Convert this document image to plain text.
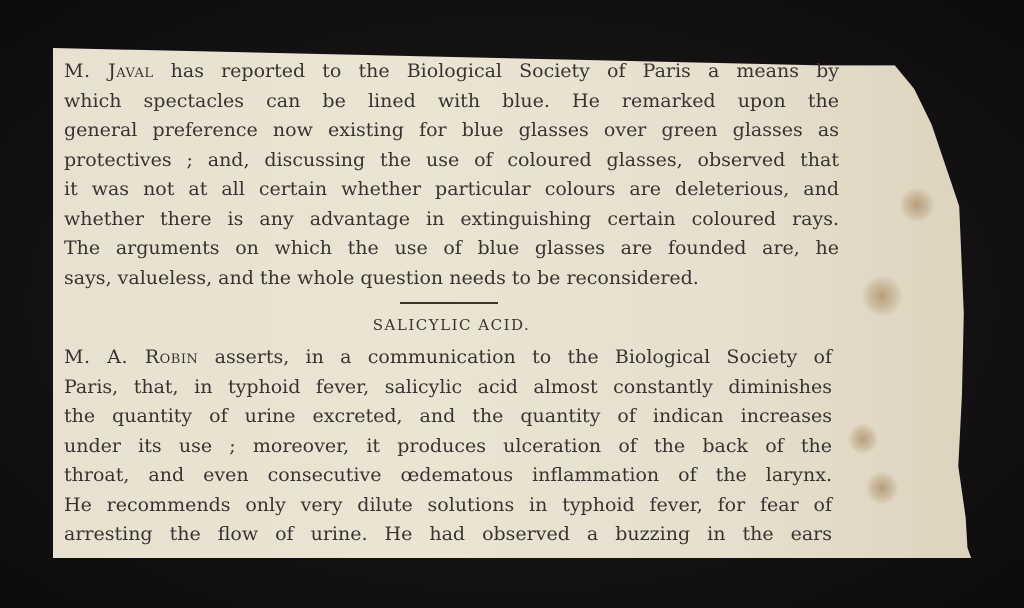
M. Javal has reported to the Biological Society of Paris a means by
which spectacles can be lined with blue. He remarked upon the
general preference now existing for blue glasses over green glasses as
protectives ; and, discussing the use of coloured glasses, observed that
it was not at all certain whether particular colours are deleterious, and
whether there is any advantage in extinguishing certain coloured rays.
The arguments on which the use of blue glasses are founded are, he
says, valueless, and the whole question needs to be reconsidered.
SALICYLIC ACID.
M. A. Robin asserts, in a communication to the Biological Society of
Paris, that, in typhoid fever, salicylic acid almost constantly diminishes
the quantity of urine excreted, and the quantity of indican increases
under its use ; moreover, it produces ulceration of the back of the
throat, and even consecutive œdematous inflammation of the larynx.
He recommends only very dilute solutions in typhoid fever, for fear of
arresting the flow of urine. He had observed a buzzing in the ears
